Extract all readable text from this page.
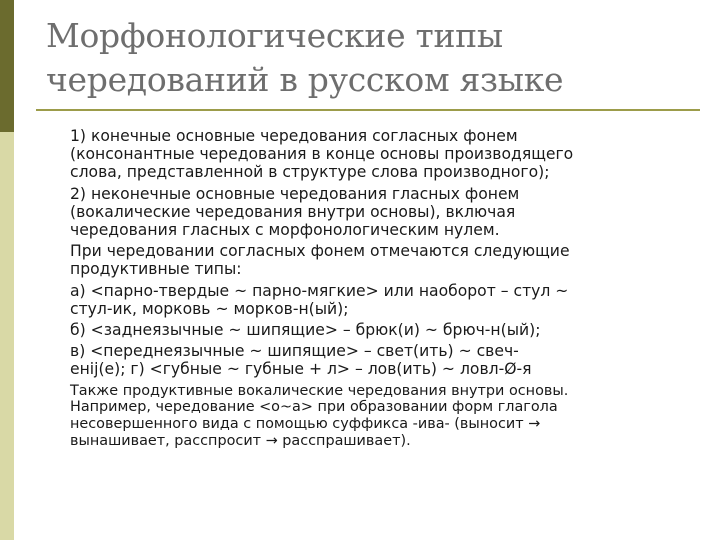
Морфонологические типы
чередований в русском языке

1) конечные основные чередования согласных фонем
(консонантные чередования в конце основы производящего
слова, представленной в структуре слова производного);

2) неконечные основные чередования гласных фонем
(вокалические чередования внутри основы), включая
чередования гласных с морфонологическим нулем.

При чередовании согласных фонем отмечаются следующие
продуктивные типы:

а) <парно-твердые ~ парно-мягкие> или наоборот – стул ~
стул-ик, морковь ~ морков-н(ый);

б) <заднеязычные ~ шипящие> – брюк(и) ~ брюч-н(ый);

в) <переднеязычные ~ шипящие> – свет(ить) ~ свеч-
енij(е); г) <губные ~ губные + л> – лов(ить) ~ ловл-Ø-я

Также продуктивные вокалические чередования внутри основы.
Например, чередование <о~а> при образовании форм глагола
несовершенного вида с помощью суффикса -ива- (выносит →
вынашивает, расспросит → расспрашивает).
